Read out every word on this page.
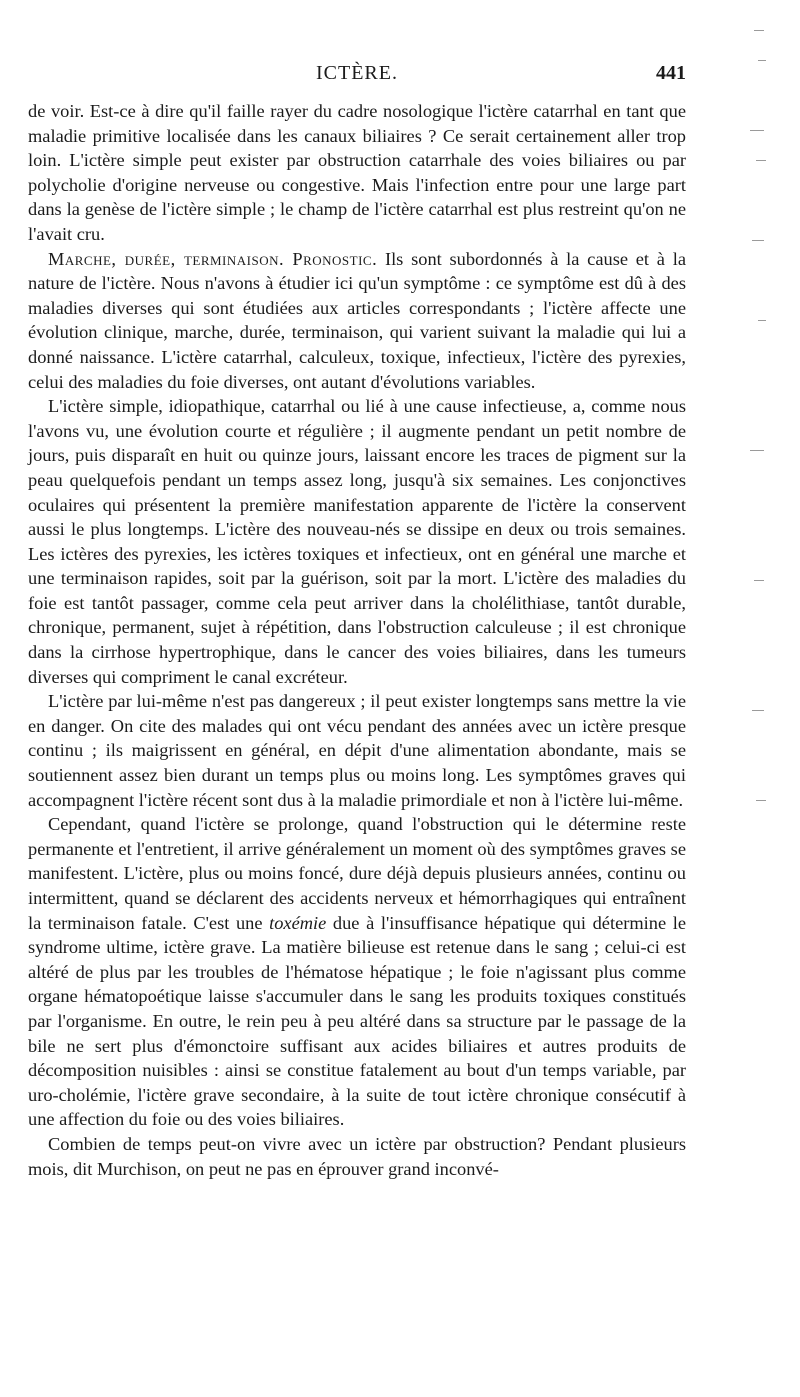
ICTÈRE.	441

de voir. Est-ce à dire qu'il faille rayer du cadre nosologique l'ictère catarrhal en tant que maladie primitive localisée dans les canaux biliaires ? Ce serait certainement aller trop loin. L'ictère simple peut exister par obstruction catarrhale des voies biliaires ou par polycholie d'origine nerveuse ou congestive. Mais l'infection entre pour une large part dans la genèse de l'ictère simple ; le champ de l'ictère catarrhal est plus restreint qu'on ne l'avait cru.

Marche, durée, terminaison. Pronostic. Ils sont subordonnés à la cause et à la nature de l'ictère. Nous n'avons à étudier ici qu'un symptôme : ce symptôme est dû à des maladies diverses qui sont étudiées aux articles correspondants ; l'ictère affecte une évolution clinique, marche, durée, terminaison, qui varient suivant la maladie qui lui a donné naissance. L'ictère catarrhal, calculeux, toxique, infectieux, l'ictère des pyrexies, celui des maladies du foie diverses, ont autant d'évolutions variables.

L'ictère simple, idiopathique, catarrhal ou lié à une cause infectieuse, a, comme nous l'avons vu, une évolution courte et régulière ; il augmente pendant un petit nombre de jours, puis disparaît en huit ou quinze jours, laissant encore les traces de pigment sur la peau quelquefois pendant un temps assez long, jusqu'à six semaines. Les conjonctives oculaires qui présentent la première manifestation apparente de l'ictère la conservent aussi le plus longtemps. L'ictère des nouveau-nés se dissipe en deux ou trois semaines. Les ictères des pyrexies, les ictères toxiques et infectieux, ont en général une marche et une terminaison rapides, soit par la guérison, soit par la mort. L'ictère des maladies du foie est tantôt passager, comme cela peut arriver dans la cholélithiase, tantôt durable, chronique, permanent, sujet à répétition, dans l'obstruction calculeuse ; il est chronique dans la cirrhose hypertrophique, dans le cancer des voies biliaires, dans les tumeurs diverses qui compriment le canal excréteur.

L'ictère par lui-même n'est pas dangereux ; il peut exister longtemps sans mettre la vie en danger. On cite des malades qui ont vécu pendant des années avec un ictère presque continu ; ils maigrissent en général, en dépit d'une alimentation abondante, mais se soutiennent assez bien durant un temps plus ou moins long. Les symptômes graves qui accompagnent l'ictère récent sont dus à la maladie primordiale et non à l'ictère lui-même.

Cependant, quand l'ictère se prolonge, quand l'obstruction qui le détermine reste permanente et l'entretient, il arrive généralement un moment où des symptômes graves se manifestent. L'ictère, plus ou moins foncé, dure déjà depuis plusieurs années, continu ou intermittent, quand se déclarent des accidents nerveux et hémorrhagiques qui entraînent la terminaison fatale. C'est une toxémie due à l'insuffisance hépatique qui détermine le syndrome ultime, ictère grave. La matière bilieuse est retenue dans le sang ; celui-ci est altéré de plus par les troubles de l'hématose hépatique ; le foie n'agissant plus comme organe hématopoétique laisse s'accumuler dans le sang les produits toxiques constitués par l'organisme. En outre, le rein peu à peu altéré dans sa structure par le passage de la bile ne sert plus d'émonctoire suffisant aux acides biliaires et autres produits de décomposition nuisibles : ainsi se constitue fatalement au bout d'un temps variable, par uro-cholémie, l'ictère grave secondaire, à la suite de tout ictère chronique consécutif à une affection du foie ou des voies biliaires.

Combien de temps peut-on vivre avec un ictère par obstruction? Pendant plusieurs mois, dit Murchison, on peut ne pas en éprouver grand inconvé-
